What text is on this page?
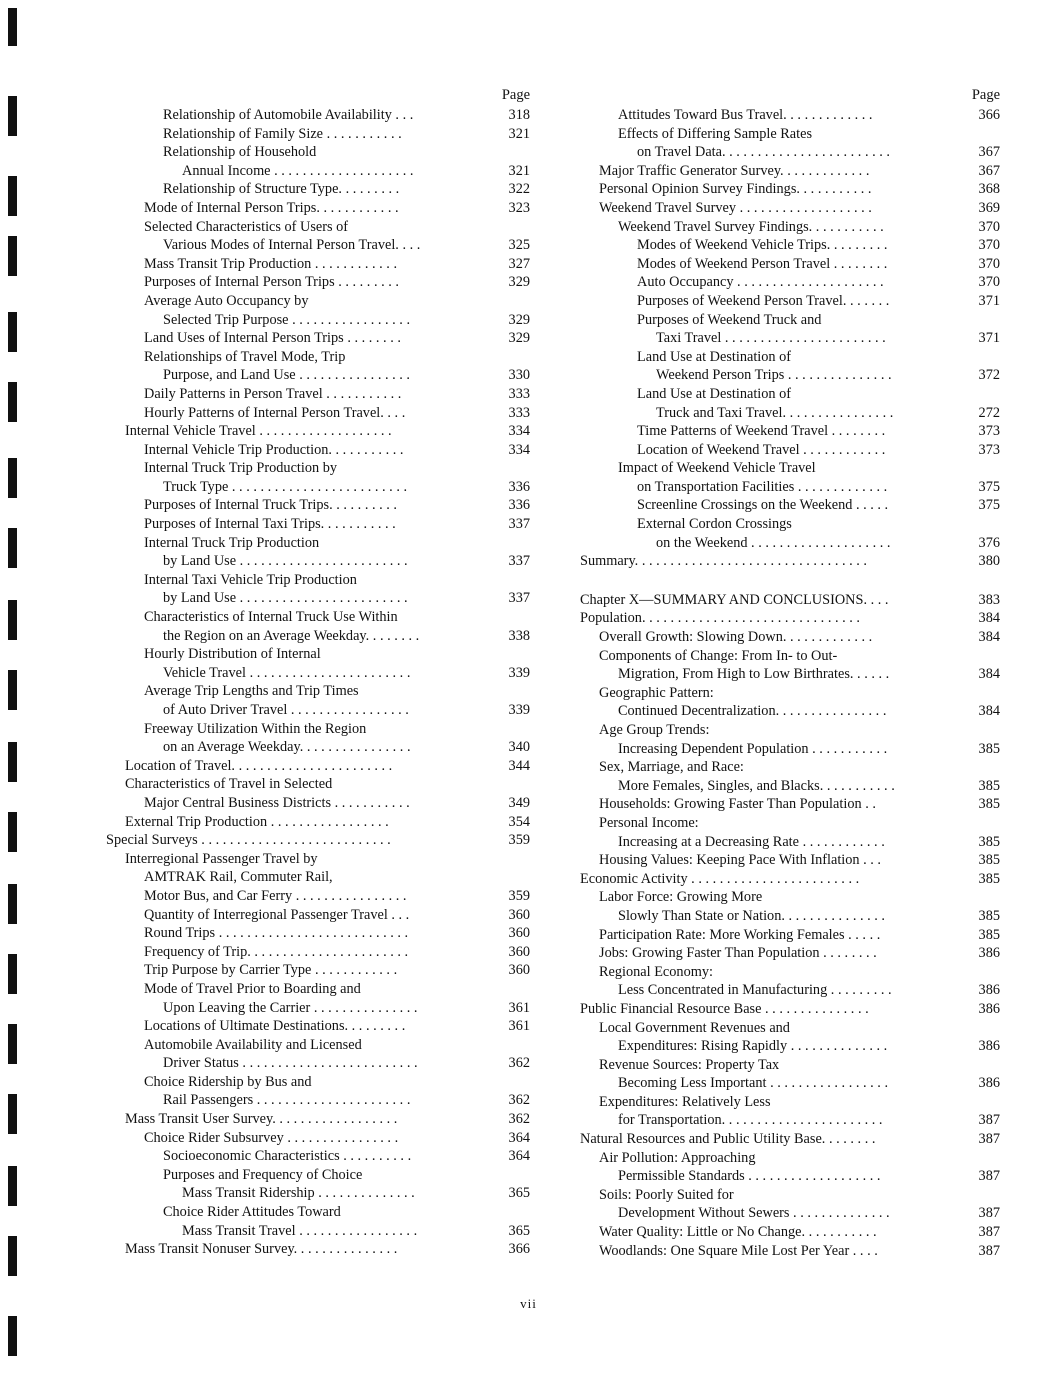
Page
Relationship of Automobile Availability . . .	318
Relationship of Family Size . . . . . . . . . . .	321
Relationship of Household
Annual Income . . . . . . . . . . . . . . . . . . . .	321
Relationship of Structure Type. . . . . . . . .	322
Mode of Internal Person Trips. . . . . . . . . . . .	323
Selected Characteristics of Users of
Various Modes of Internal Person Travel. . . .	325
Mass Transit Trip Production . . . . . . . . . . . .	327
Purposes of Internal Person Trips . . . . . . . . .	329
Average Auto Occupancy by
Selected Trip Purpose . . . . . . . . . . . . . . . . .	329
Land Uses of Internal Person Trips . . . . . . . .	329
Relationships of Travel Mode, Trip
Purpose, and Land Use . . . . . . . . . . . . . . . .	330
Daily Patterns in Person Travel . . . . . . . . . . .	333
Hourly Patterns of Internal Person Travel. . . .	333
Internal Vehicle Travel . . . . . . . . . . . . . . . . . . .	334
Internal Vehicle Trip Production. . . . . . . . . . .	334
Internal Truck Trip Production by
Truck Type . . . . . . . . . . . . . . . . . . . . . . . . .	336
Purposes of Internal Truck Trips. . . . . . . . . .	336
Purposes of Internal Taxi Trips. . . . . . . . . . .	337
Internal Truck Trip Production
by Land Use . . . . . . . . . . . . . . . . . . . . . . . .	337
Internal Taxi Vehicle Trip Production
by Land Use . . . . . . . . . . . . . . . . . . . . . . . .	337
Characteristics of Internal Truck Use Within
the Region on an Average Weekday. . . . . . . .	338
Hourly Distribution of Internal
Vehicle Travel . . . . . . . . . . . . . . . . . . . . . . .	339
Average Trip Lengths and Trip Times
of Auto Driver Travel . . . . . . . . . . . . . . . . .	339
Freeway Utilization Within the Region
on an Average Weekday. . . . . . . . . . . . . . . .	340
Location of Travel. . . . . . . . . . . . . . . . . . . . . . .	344
Characteristics of Travel in Selected
Major Central Business Districts . . . . . . . . . . .	349
External Trip Production . . . . . . . . . . . . . . . . .	354
Special Surveys . . . . . . . . . . . . . . . . . . . . . . . . . . .	359
Interregional Passenger Travel by
AMTRAK Rail, Commuter Rail,
Motor Bus, and Car Ferry . . . . . . . . . . . . . . . .	359
Quantity of Interregional Passenger Travel . . .	360
Round Trips . . . . . . . . . . . . . . . . . . . . . . . . . . .	360
Frequency of Trip. . . . . . . . . . . . . . . . . . . . . . .	360
Trip Purpose by Carrier Type . . . . . . . . . . . .	360
Mode of Travel Prior to Boarding and
Upon Leaving the Carrier . . . . . . . . . . . . . . .	361
Locations of Ultimate Destinations. . . . . . . . .	361
Automobile Availability and Licensed
Driver Status . . . . . . . . . . . . . . . . . . . . . . . . .	362
Choice Ridership by Bus and
Rail Passengers . . . . . . . . . . . . . . . . . . . . . .	362
Mass Transit User Survey. . . . . . . . . . . . . . . . . .	362
Choice Rider Subsurvey . . . . . . . . . . . . . . . .	364
Socioeconomic Characteristics . . . . . . . . . .	364
Purposes and Frequency of Choice
Mass Transit Ridership . . . . . . . . . . . . . .	365
Choice Rider Attitudes Toward
Mass Transit Travel . . . . . . . . . . . . . . . . .	365
Mass Transit Nonuser Survey. . . . . . . . . . . . . . .	366
Page
Attitudes Toward Bus Travel. . . . . . . . . . . . .	366
Effects of Differing Sample Rates
on Travel Data. . . . . . . . . . . . . . . . . . . . . . . .	367
Major Traffic Generator Survey. . . . . . . . . . . . .	367
Personal Opinion Survey Findings. . . . . . . . . . .	368
Weekend Travel Survey . . . . . . . . . . . . . . . . . . .	369
Weekend Travel Survey Findings. . . . . . . . . . .	370
Modes of Weekend Vehicle Trips. . . . . . . . .	370
Modes of Weekend Person Travel . . . . . . . .	370
Auto Occupancy . . . . . . . . . . . . . . . . . . . . .	370
Purposes of Weekend Person Travel. . . . . . .	371
Purposes of Weekend Truck and
Taxi Travel . . . . . . . . . . . . . . . . . . . . . . .	371
Land Use at Destination of
Weekend Person Trips . . . . . . . . . . . . . . .	372
Land Use at Destination of
Truck and Taxi Travel. . . . . . . . . . . . . . . .	272
Time Patterns of Weekend Travel . . . . . . . .	373
Location of Weekend Travel . . . . . . . . . . . .	373
Impact of Weekend Vehicle Travel
on Transportation Facilities . . . . . . . . . . . . .	375
Screenline Crossings on the Weekend . . . . .	375
External Cordon Crossings
on the Weekend . . . . . . . . . . . . . . . . . . . .	376
Summary. . . . . . . . . . . . . . . . . . . . . . . . . . . . . . . . .	380
Chapter X—SUMMARY AND CONCLUSIONS. . . .	383
Population. . . . . . . . . . . . . . . . . . . . . . . . . . . . . . .	384
Overall Growth: Slowing Down. . . . . . . . . . . . .	384
Components of Change: From In- to Out-
Migration, From High to Low Birthrates. . . . . .	384
Geographic Pattern:
Continued Decentralization. . . . . . . . . . . . . . . .	384
Age Group Trends:
Increasing Dependent Population . . . . . . . . . . .	385
Sex, Marriage, and Race:
More Females, Singles, and Blacks. . . . . . . . . . .	385
Households: Growing Faster Than Population . .	385
Personal Income:
Increasing at a Decreasing Rate . . . . . . . . . . . .	385
Housing Values: Keeping Pace With Inflation . . .	385
Economic Activity . . . . . . . . . . . . . . . . . . . . . . . .	385
Labor Force: Growing More
Slowly Than State or Nation. . . . . . . . . . . . . . .	385
Participation Rate: More Working Females . . . . .	385
Jobs: Growing Faster Than Population . . . . . . . .	386
Regional Economy:
Less Concentrated in Manufacturing . . . . . . . . .	386
Public Financial Resource Base . . . . . . . . . . . . . . .	386
Local Government Revenues and
Expenditures: Rising Rapidly . . . . . . . . . . . . . .	386
Revenue Sources: Property Tax
Becoming Less Important . . . . . . . . . . . . . . . . .	386
Expenditures: Relatively Less
for Transportation. . . . . . . . . . . . . . . . . . . . . . .	387
Natural Resources and Public Utility Base. . . . . . . .	387
Air Pollution: Approaching
Permissible Standards . . . . . . . . . . . . . . . . . . .	387
Soils: Poorly Suited for
Development Without Sewers . . . . . . . . . . . . . .	387
Water Quality: Little or No Change. . . . . . . . . . .	387
Woodlands: One Square Mile Lost Per Year . . . .	387
vii
